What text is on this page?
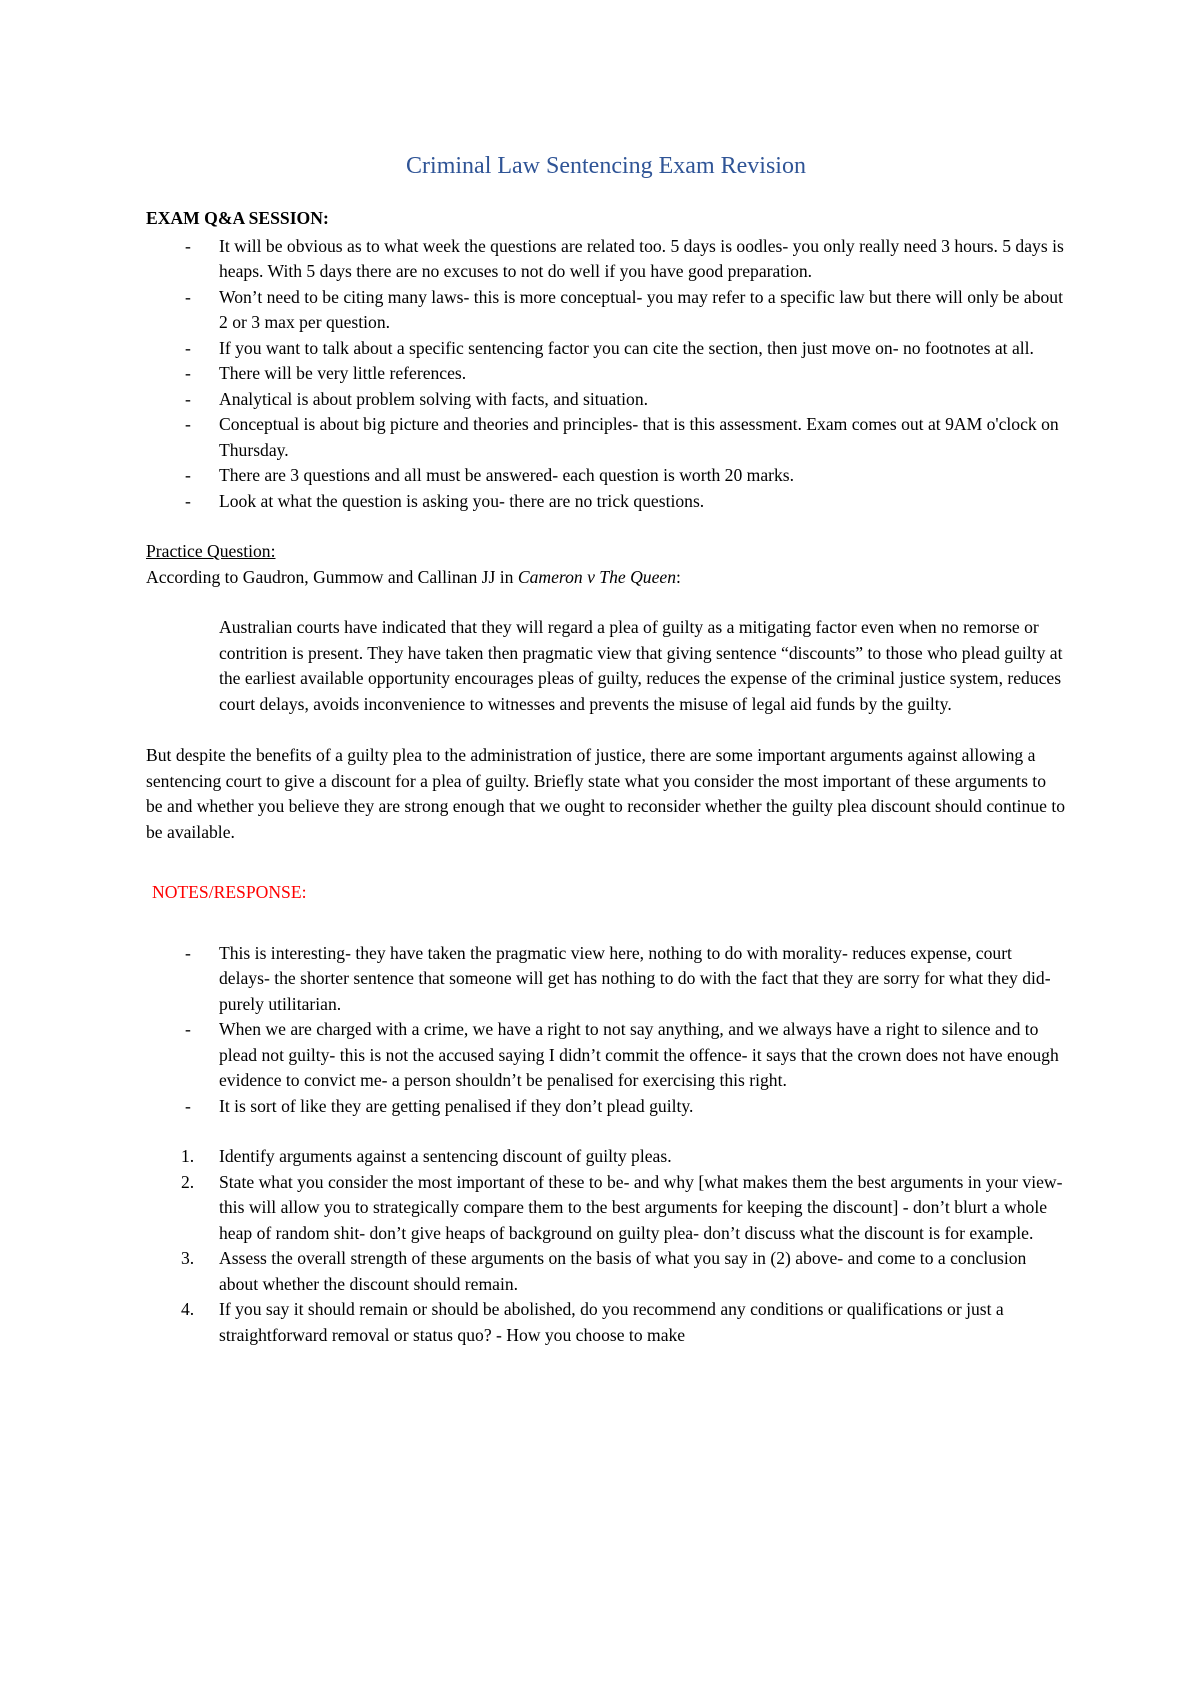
Criminal Law Sentencing Exam Revision
EXAM Q&A SESSION:
- It will be obvious as to what week the questions are related too. 5 days is oodles- you only really need 3 hours. 5 days is heaps. With 5 days there are no excuses to not do well if you have good preparation.
- Won’t need to be citing many laws- this is more conceptual- you may refer to a specific law but there will only be about 2 or 3 max per question.
- If you want to talk about a specific sentencing factor you can cite the section, then just move on- no footnotes at all.
- There will be very little references.
- Analytical is about problem solving with facts, and situation.
- Conceptual is about big picture and theories and principles- that is this assessment. Exam comes out at 9AM o'clock on Thursday.
- There are 3 questions and all must be answered- each question is worth 20 marks.
- Look at what the question is asking you- there are no trick questions.
Practice Question:
According to Gaudron, Gummow and Callinan JJ in Cameron v The Queen:
Australian courts have indicated that they will regard a plea of guilty as a mitigating factor even when no remorse or contrition is present. They have taken then pragmatic view that giving sentence “discounts” to those who plead guilty at the earliest available opportunity encourages pleas of guilty, reduces the expense of the criminal justice system, reduces court delays, avoids inconvenience to witnesses and prevents the misuse of legal aid funds by the guilty.
But despite the benefits of a guilty plea to the administration of justice, there are some important arguments against allowing a sentencing court to give a discount for a plea of guilty. Briefly state what you consider the most important of these arguments to be and whether you believe they are strong enough that we ought to reconsider whether the guilty plea discount should continue to be available.
NOTES/RESPONSE:
- This is interesting- they have taken the pragmatic view here, nothing to do with morality- reduces expense, court delays- the shorter sentence that someone will get has nothing to do with the fact that they are sorry for what they did- purely utilitarian.
- When we are charged with a crime, we have a right to not say anything, and we always have a right to silence and to plead not guilty- this is not the accused saying I didn’t commit the offence- it says that the crown does not have enough evidence to convict me- a person shouldn’t be penalised for exercising this right.
- It is sort of like they are getting penalised if they don’t plead guilty.
1. Identify arguments against a sentencing discount of guilty pleas.
2. State what you consider the most important of these to be- and why [what makes them the best arguments in your view- this will allow you to strategically compare them to the best arguments for keeping the discount] - don’t blurt a whole heap of random shit- don’t give heaps of background on guilty plea- don’t discuss what the discount is for example.
3. Assess the overall strength of these arguments on the basis of what you say in (2) above- and come to a conclusion about whether the discount should remain.
4. If you say it should remain or should be abolished, do you recommend any conditions or qualifications or just a straightforward removal or status quo? - How you choose to make
